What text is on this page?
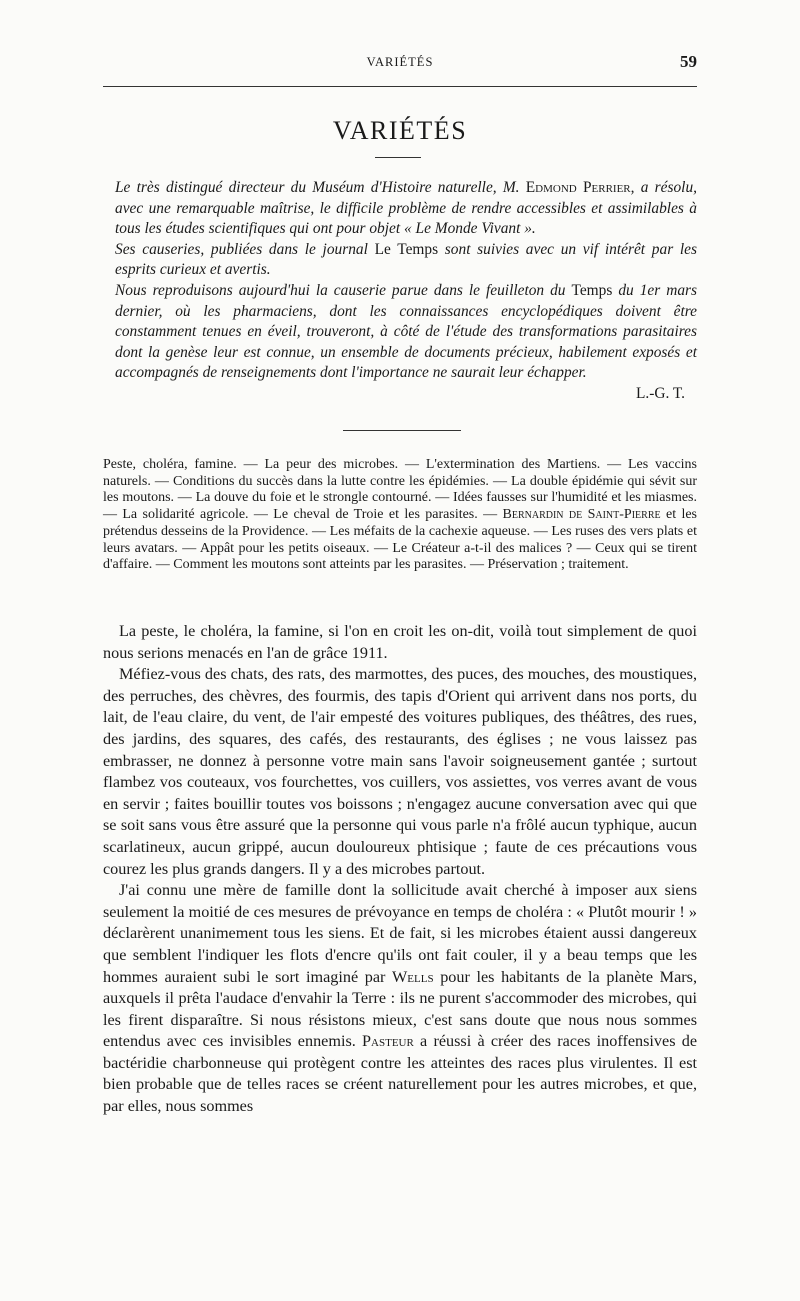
VARIÉTÉS	59
VARIÉTÉS

Le très distingué directeur du Muséum d'Histoire naturelle, M. Edmond Perrier, a résolu, avec une remarquable maîtrise, le difficile problème de rendre accessibles et assimilables à tous les études scientifiques qui ont pour objet « Le Monde Vivant ».

Ses causeries, publiées dans le journal Le Temps sont suivies avec un vif intérêt par les esprits curieux et avertis.

Nous reproduisons aujourd'hui la causerie parue dans le feuilleton du Temps du 1er mars dernier, où les pharmaciens, dont les connaissances encyclopédiques doivent être constamment tenues en éveil, trouveront, à côté de l'étude des transformations parasitaires dont la genèse leur est connue, un ensemble de documents précieux, habilement exposés et accompagnés de renseignements dont l'importance ne saurait leur échapper.

L.-G. T.

Peste, choléra, famine. — La peur des microbes. — L'extermination des Martiens. — Les vaccins naturels. — Conditions du succès dans la lutte contre les épidémies. — La double épidémie qui sévit sur les moutons. — La douve du foie et le strongle contourné. — Idées fausses sur l'humidité et les miasmes. — La solidarité agricole. — Le cheval de Troie et les parasites. — Bernardin de Saint-Pierre et les prétendus desseins de la Providence. — Les méfaits de la cachexie aqueuse. — Les ruses des vers plats et leurs avatars. — Appât pour les petits oiseaux. — Le Créateur a-t-il des malices ? — Ceux qui se tirent d'affaire. — Comment les moutons sont atteints par les parasites. — Préservation ; traitement.

La peste, le choléra, la famine, si l'on en croit les on-dit, voilà tout simplement de quoi nous serions menacés en l'an de grâce 1911.

Méfiez-vous des chats, des rats, des marmottes, des puces, des mouches, des moustiques, des perruches, des chèvres, des fourmis, des tapis d'Orient qui arrivent dans nos ports, du lait, de l'eau claire, du vent, de l'air empesté des voitures publiques, des théâtres, des rues, des jardins, des squares, des cafés, des restaurants, des églises ; ne vous laissez pas embrasser, ne donnez à personne votre main sans l'avoir soigneusement gantée ; surtout flambez vos couteaux, vos fourchettes, vos cuillers, vos assiettes, vos verres avant de vous en servir ; faites bouillir toutes vos boissons ; n'engagez aucune conversation avec qui que se soit sans vous être assuré que la personne qui vous parle n'a frôlé aucun typhique, aucun scarlatineux, aucun grippé, aucun douloureux phtisique ; faute de ces précautions vous courez les plus grands dangers. Il y a des microbes partout.

J'ai connu une mère de famille dont la sollicitude avait cherché à imposer aux siens seulement la moitié de ces mesures de prévoyance en temps de choléra : « Plutôt mourir ! » déclarèrent unanimement tous les siens. Et de fait, si les microbes étaient aussi dangereux que semblent l'indiquer les flots d'encre qu'ils ont fait couler, il y a beau temps que les hommes auraient subi le sort imaginé par Wells pour les habitants de la planète Mars, auxquels il prêta l'audace d'envahir la Terre : ils ne purent s'accommoder des microbes, qui les firent disparaître. Si nous résistons mieux, c'est sans doute que nous nous sommes entendus avec ces invisibles ennemis. Pasteur a réussi à créer des races inoffensives de bactéridie charbonneuse qui protègent contre les atteintes des races plus virulentes. Il est bien probable que de telles races se créent naturellement pour les autres microbes, et que, par elles, nous sommes
